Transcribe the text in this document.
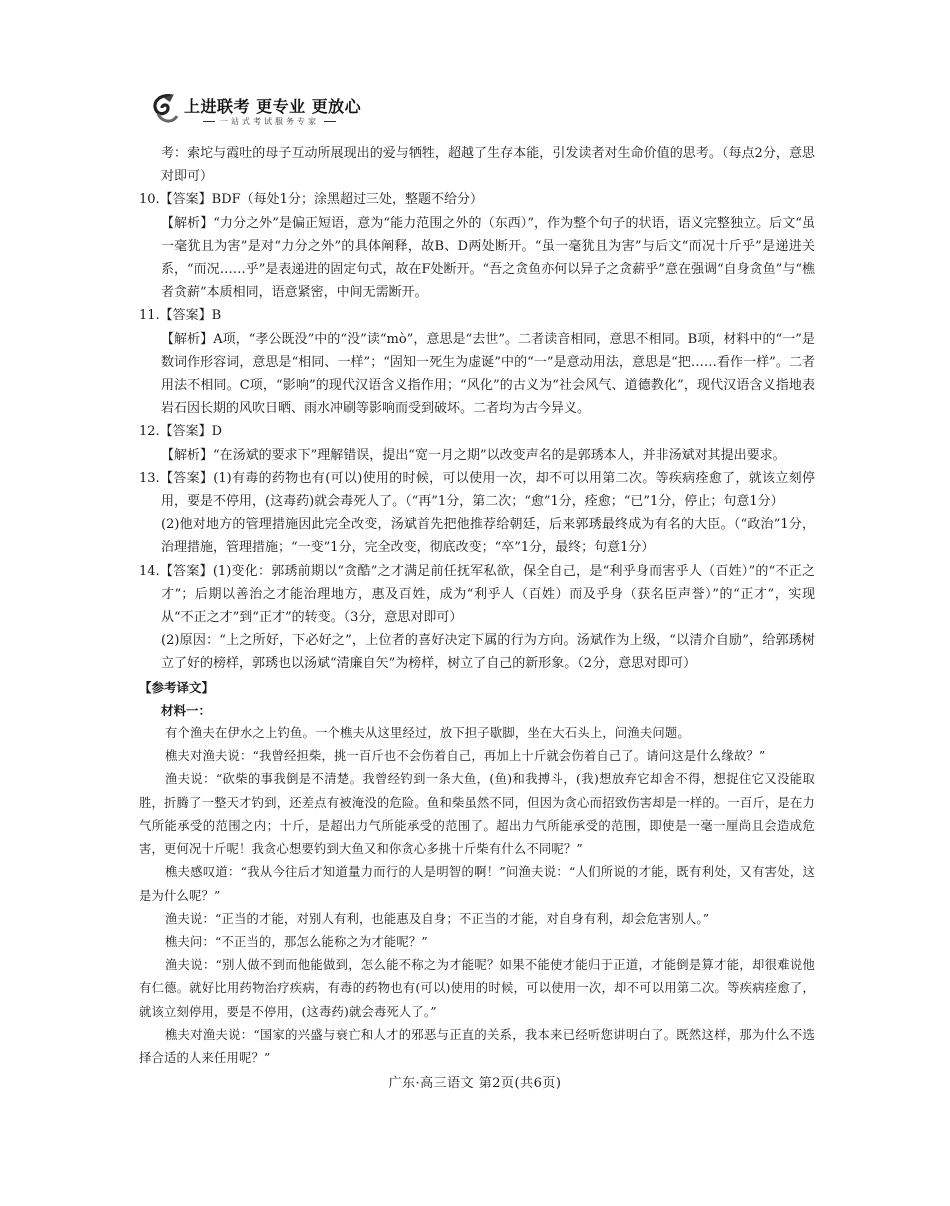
上进联考 更专业 更放心
一站式考试服务专家

考：索坨与霞吐的母子互动所展现出的爱与牺牲，超越了生存本能，引发读者对生命价值的思考。（每点2分，意思对即可）

10.【答案】BDF（每处1分；涂黑超过三处，整题不给分）

【解析】“力分之外”是偏正短语，意为“能力范围之外的（东西）”，作为整个句子的状语，语义完整独立。后文“虽一毫犹且为害”是对“力分之外”的具体阐释，故B、D两处断开。“虽一毫犹且为害”与后文“而况十斤乎”是递进关系，“而况……乎”是表递进的固定句式，故在F处断开。“吾之贪鱼亦何以异子之贪薪乎”意在强调“自身贪鱼”与“樵者贪薪”本质相同，语意紧密，中间无需断开。

11.【答案】B

【解析】A项，“孝公既没”中的“没”读“mò”，意思是“去世”。二者读音相同，意思不相同。B项，材料中的“一”是数词作形容词，意思是“相同、一样”；“固知一死生为虚诞”中的“一”是意动用法，意思是“把……看作一样”。二者用法不相同。C项，“影响”的现代汉语含义指作用；“风化”的古义为“社会风气、道德教化”，现代汉语含义指地表岩石因长期的风吹日晒、雨水冲刷等影响而受到破坏。二者均为古今异义。

12.【答案】D

【解析】“在汤斌的要求下”理解错误，提出“宽一月之期”以改变声名的是郭琇本人，并非汤斌对其提出要求。

13.【答案】(1)有毒的药物也有(可以)使用的时候，可以使用一次，却不可以用第二次。等疾病痊愈了，就该立刻停用，要是不停用，(这毒药)就会毒死人了。（“再”1分，第二次；“愈”1分，痊愈；“已”1分，停止；句意1分）

(2)他对地方的管理措施因此完全改变，汤斌首先把他推荐给朝廷，后来郭琇最终成为有名的大臣。（“政治”1分，治理措施，管理措施；“一变”1分，完全改变，彻底改变；“卒”1分，最终；句意1分）

14.【答案】(1)变化：郭琇前期以“贪酷”之才满足前任抚军私欲，保全自己，是“利乎身而害乎人（百姓）”的“不正之才”；后期以善治之才能治理地方，惠及百姓，成为“利乎人（百姓）而及乎身（获名臣声誉）”的“正才”，实现从“不正之才”到“正才”的转变。（3分，意思对即可）

(2)原因：“上之所好，下必好之”，上位者的喜好决定下属的行为方向。汤斌作为上级，“以清介自励”，给郭琇树立了好的榜样，郭琇也以汤斌“清廉自矢”为榜样，树立了自己的新形象。（2分，意思对即可）

【参考译文】

材料一：

有个渔夫在伊水之上钓鱼。一个樵夫从这里经过，放下担子歇脚，坐在大石头上，问渔夫问题。

樵夫对渔夫说：“我曾经担柴，挑一百斤也不会伤着自己，再加上十斤就会伤着自己了。请问这是什么缘故？”

渔夫说：“砍柴的事我倒是不清楚。我曾经钓到一条大鱼，(鱼)和我搏斗，(我)想放弃它却舍不得，想捉住它又没能取胜，折腾了一整天才钓到，还差点有被淹没的危险。鱼和柴虽然不同，但因为贪心而招致伤害却是一样的。一百斤，是在力气所能承受的范围之内；十斤，是超出力气所能承受的范围了。超出力气所能承受的范围，即使是一毫一厘尚且会造成危害，更何况十斤呢！我贪心想要钓到大鱼又和你贪心多挑十斤柴有什么不同呢？”

樵夫感叹道：“我从今往后才知道量力而行的人是明智的啊！”问渔夫说：“人们所说的才能，既有利处，又有害处，这是为什么呢？”

渔夫说：“正当的才能，对别人有利，也能惠及自身；不正当的才能，对自身有利，却会危害别人。”

樵夫问：“不正当的，那怎么能称之为才能呢？”

渔夫说：“别人做不到而他能做到，怎么能不称之为才能呢？如果不能使才能归于正道，才能倒是算才能，却很难说他有仁德。就好比用药物治疗疾病，有毒的药物也有(可以)使用的时候，可以使用一次，却不可以用第二次。等疾病痊愈了，就该立刻停用，要是不停用，(这毒药)就会毒死人了。”

樵夫对渔夫说：“国家的兴盛与衰亡和人才的邪恶与正直的关系，我本来已经听您讲明白了。既然这样，那为什么不选择合适的人来任用呢？”

广东·高三语文 第2页(共6页)
